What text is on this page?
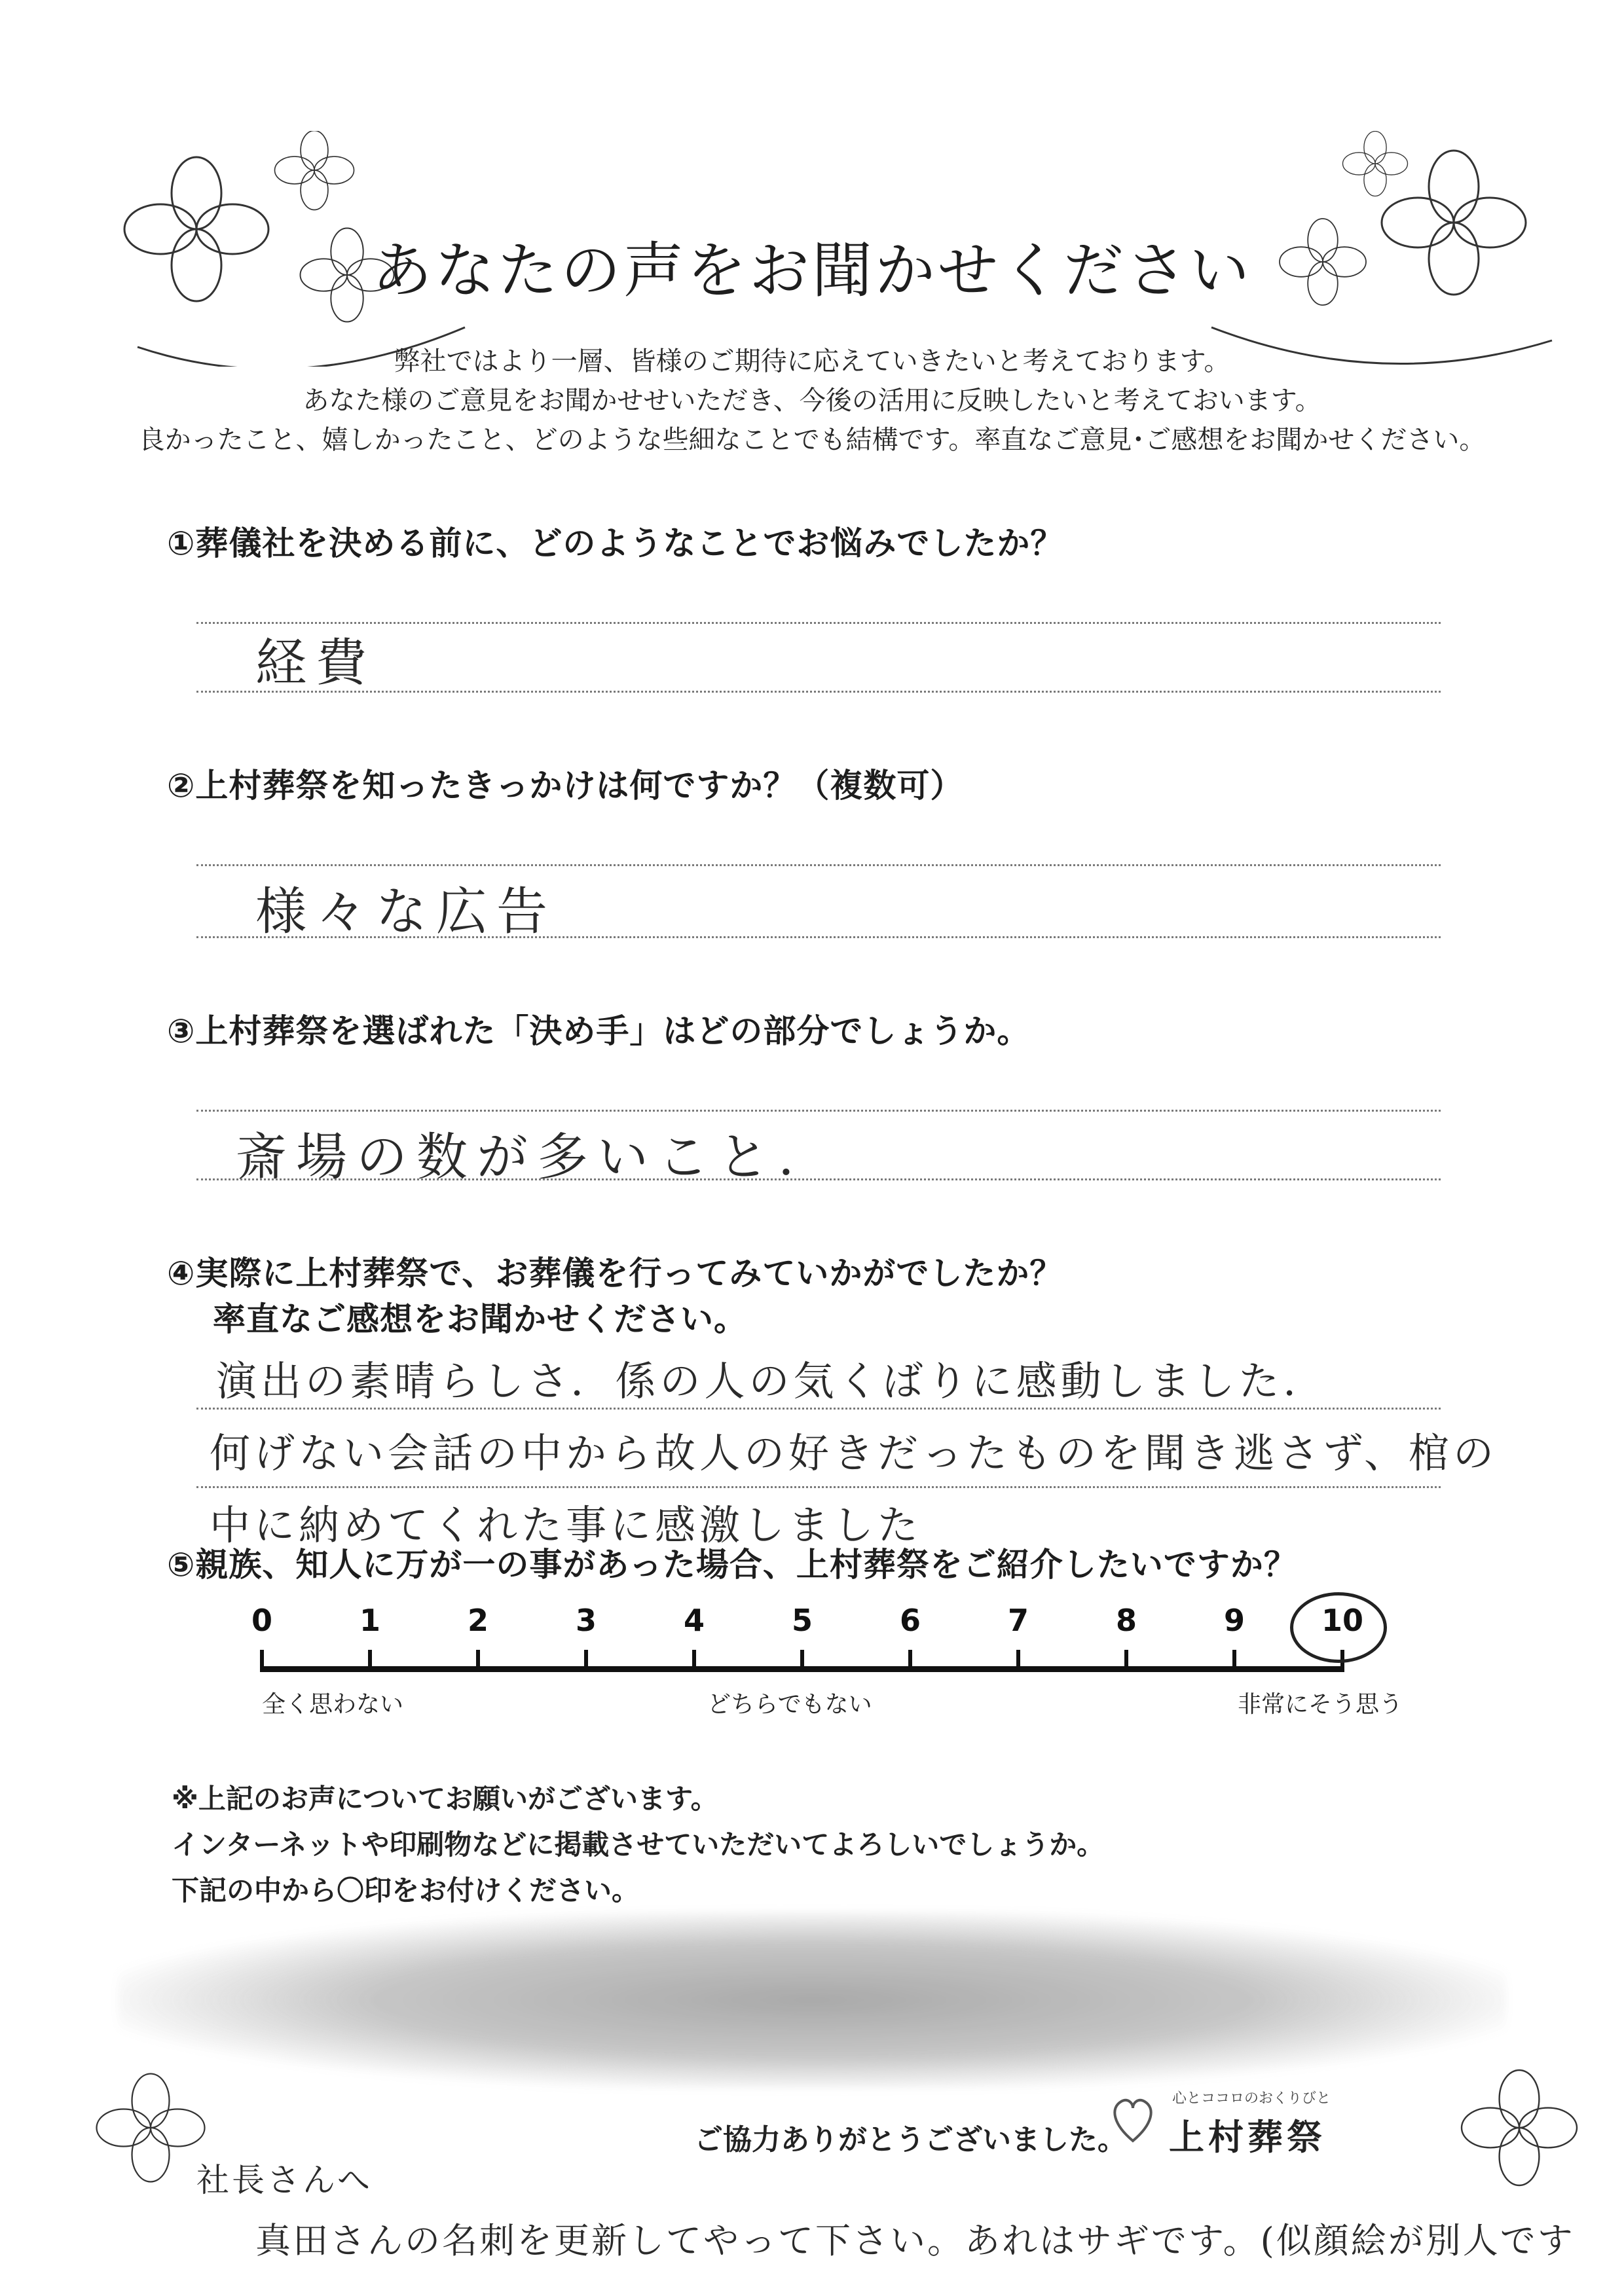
あなたの声をお聞かせください
弊社ではより一層、皆様のご期待に応えていきたいと考えております。
あなた様のご意見をお聞かせせいただき、今後の活用に反映したいと考えておいます。
良かったこと、嬉しかったこと、どのような些細なことでも結構です。率直なご意見･ご感想をお聞かせください。
①葬儀社を決める前に、どのようなことでお悩みでしたか？
経費
②上村葬祭を知ったきっかけは何ですか？（複数可）
様々な広告
③上村葬祭を選ばれた「決め手」はどの部分でしょうか。
斎場の数が多いこと.
④実際に上村葬祭で、お葬儀を行ってみていかがでしたか？
率直なご感想をお聞かせください。
演出の素晴らしさ．係の人の気くばりに感動しました．
何げない会話の中から故人の好きだったものを聞き逃さず、棺の
中に納めてくれた事に感激しました
⑤親族、知人に万が一の事があった場合、上村葬祭をご紹介したいですか？
0	1	2	3	4	5	6	7	8	9	10
全く思わない	どちらでもない	非常にそう思う
※上記のお声についてお願いがございます。
インターネットや印刷物などに掲載させていただいてよろしいでしょうか。
下記の中から〇印をお付けください。
ご協力ありがとうございました。
心とココロのおくりびと
上村葬祭
社長さんへ
真田さんの名刺を更新してやって下さい。あれはサギです。(似顔絵が別人です
